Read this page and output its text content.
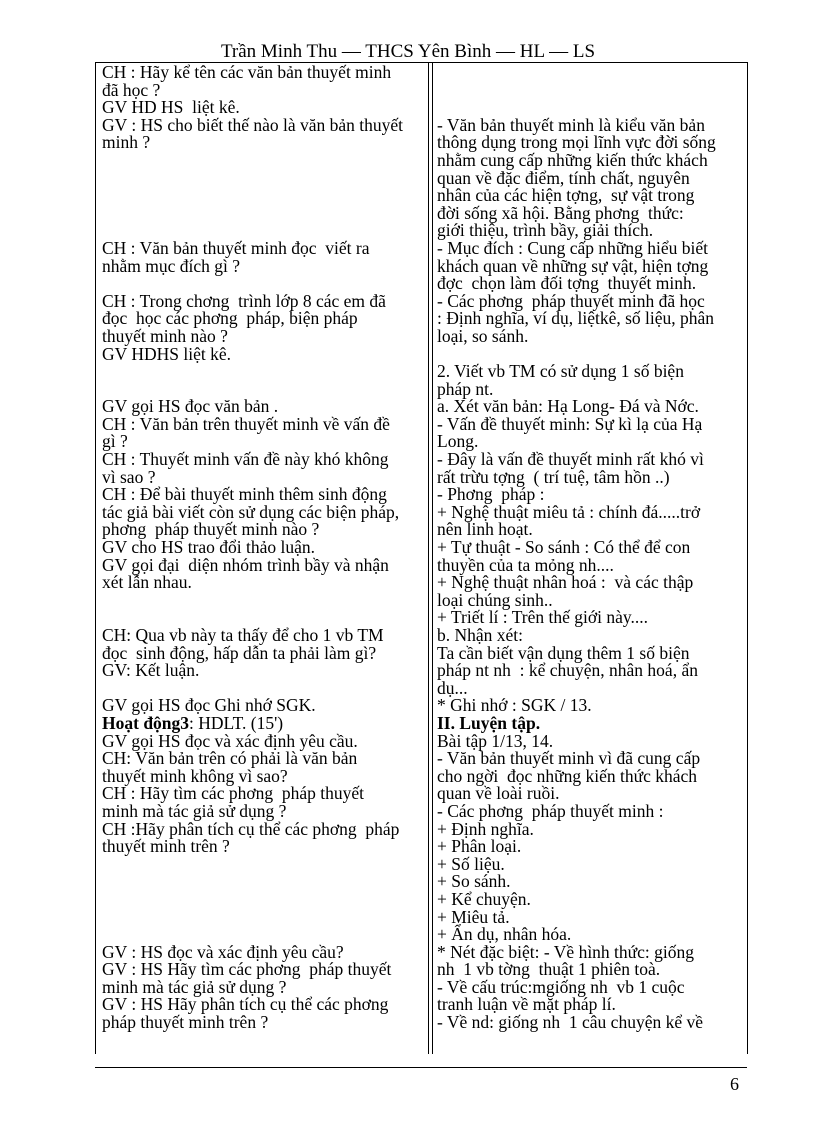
Trần Minh Thu — THCS Yên Bình — HL — LS
CH : Hãy kể tên các văn bản thuyết minh
đã học ?
GV HD HS  liệt kê.
GV : HS cho biết thế nào là văn bản thuyết
minh ?
CH : Văn bản thuyết minh đọc  viết ra
nhằm mục đích gì ?
CH : Trong chơng  trình lớp 8 các em đã
đọc  học các phơng  pháp, biện pháp
thuyết minh nào ?
GV HDHS liệt kê.
GV gọi HS đọc văn bản .
CH : Văn bản trên thuyết minh về vấn đề
gì ?
CH : Thuyết minh vấn đề này khó không
vì sao ?
CH : Để bài thuyết minh thêm sinh động
tác giả bài viết còn sử dụng các biện pháp,
phơng  pháp thuyết minh nào ?
GV cho HS trao đổi thảo luận.
GV gọi đại  diện nhóm trình bầy và nhận
xét lẫn nhau.
CH: Qua vb này ta thấy để cho 1 vb TM
đọc  sinh động, hấp dẫn ta phải làm gì?
GV: Kết luận.
GV gọi HS đọc Ghi nhớ SGK.
Hoạt động3: HDLT. (15')
GV gọi HS đọc và xác định yêu cầu.
CH: Văn bản trên có phải là văn bản
thuyết minh không vì sao?
CH : Hãy tìm các phơng  pháp thuyết
minh mà tác giả sử dụng ?
CH :Hãy phân tích cụ thể các phơng  pháp
thuyết minh trên ?
GV : HS đọc và xác định yêu cầu?
GV : HS Hãy tìm các phơng  pháp thuyết
minh mà tác giả sử dụng ?
GV : HS Hãy phân tích cụ thể các phơng
pháp thuyết minh trên ?
- Văn bản thuyết minh là kiểu văn bản
thông dụng trong mọi lĩnh vực đời sống
nhằm cung cấp những kiến thức khách
quan về đặc điểm, tính chất, nguyên
nhân của các hiện tợng,  sự vật trong
đời sống xã hội. Bằng phơng  thức:
giới thiệu, trình bầy, giải thích.
- Mục đích : Cung cấp những hiểu biết
khách quan về những sự vật, hiện tợng
đợc  chọn làm đối tợng  thuyết minh.
- Các phơng  pháp thuyết minh đã học
: Định nghĩa, ví dụ, liệtkê, số liệu, phân
loại, so sánh.
2. Viết vb TM có sử dụng 1 số biện
pháp nt.
a. Xét văn bản: Hạ Long- Đá và Nớc.
- Vấn đề thuyết minh: Sự kì lạ của Hạ
Long.
- Đây là vấn đề thuyết minh rất khó vì
rất trừu tợng  ( trí tuệ, tâm hồn ..)
- Phơng  pháp :
+ Nghệ thuật miêu tả : chính đá.....trở
nên linh hoạt.
+ Tự thuật - So sánh : Có thể để con
thuyền của ta mỏng nh....
+ Nghệ thuật nhân hoá :  và các thập
loại chúng sinh..
+ Triết lí : Trên thế giới này....
b. Nhận xét:
Ta cần biết vận dụng thêm 1 số biện
pháp nt nh  : kể chuyện, nhân hoá, ẩn
dụ...
* Ghi nhớ : SGK / 13.
II. Luyện tập.
Bài tập 1/13, 14.
- Văn bản thuyết minh vì đã cung cấp
cho ngời  đọc những kiến thức khách
quan về loài ruồi.
- Các phơng  pháp thuyết minh :
+ Định nghĩa.
+ Phân loại.
+ Số liệu.
+ So sánh.
+ Kể chuyện.
+ Miêu tả.
+ Ẩn dụ, nhân hóa.
* Nét đặc biệt: - Về hình thức: giống
nh  1 vb tờng  thuật 1 phiên toà.
- Về cấu trúc:mgiống nh  vb 1 cuộc
tranh luận về mặt pháp lí.
- Về nd: giống nh  1 câu chuyện kể về
6
